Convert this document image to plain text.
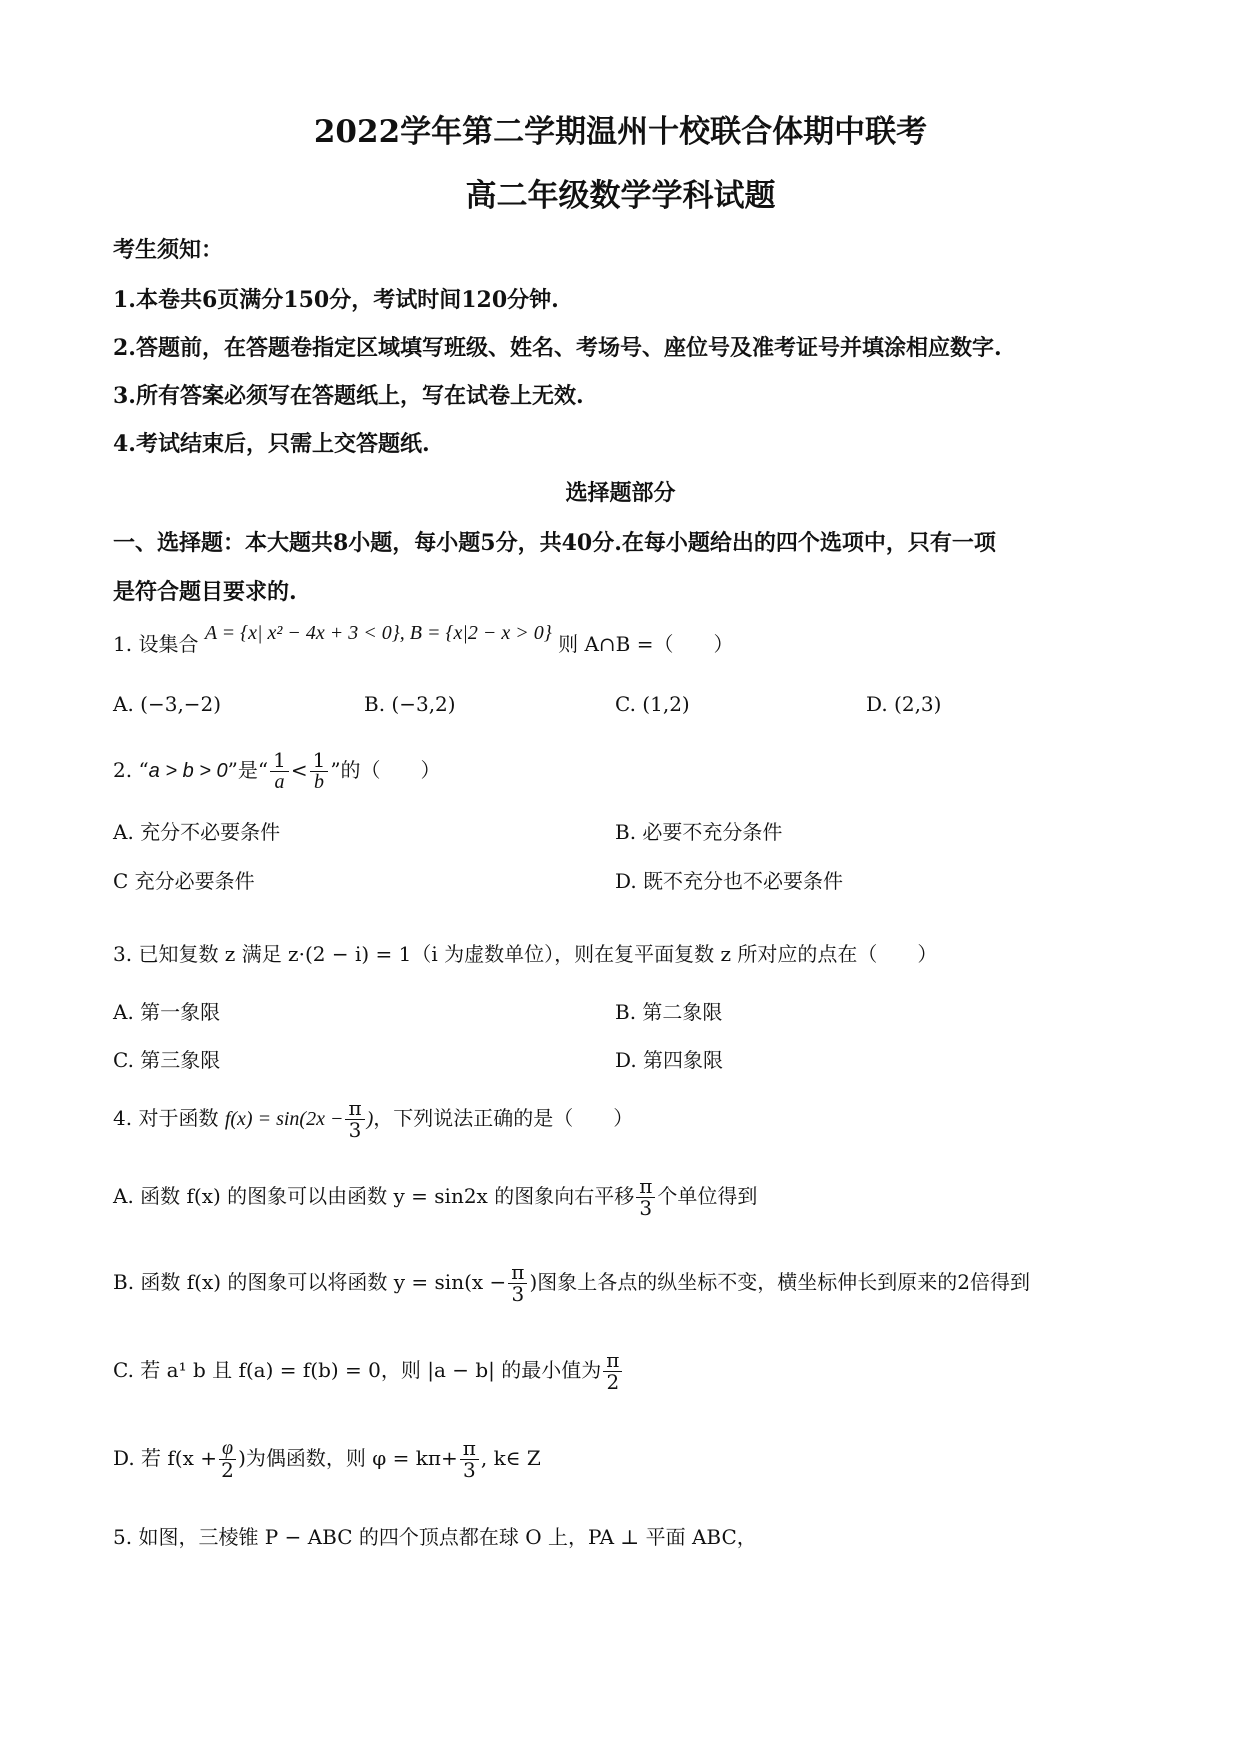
2022学年第二学期温州十校联合体期中联考
高二年级数学学科试题
考生须知：
1.本卷共6页满分150分，考试时间120分钟.
2.答题前，在答题卷指定区域填写班级、姓名、考场号、座位号及准考证号并填涂相应数字.
3.所有答案必须写在答题纸上，写在试卷上无效.
4.考试结束后，只需上交答题纸.
选择题部分
一、选择题：本大题共8小题，每小题5分，共40分.在每小题给出的四个选项中，只有一项
是符合题目要求的.
1. 设集合 A = {x| x² − 4x + 3 < 0}, B = {x|2 − x > 0} 则 A∩B =（　　）
A. (−3,−2)	B. (−3,2)	C. (1,2)	D. (2,3)
2. “a > b > 0”是“ $\frac{1}{a} < \frac{1}{b}$ ”的（　　）
A. 充分不必要条件	B. 必要不充分条件
C 充分必要条件	D. 既不充分也不必要条件
3. 已知复数 z 满足 z·(2 − i) = 1（i 为虚数单位），则在复平面复数 z 所对应的点在（　　）
A. 第一象限	B. 第二象限
C. 第三象限	D. 第四象限
4. 对于函数 $f(x) = \sin(2x - \frac{\pi}{3}$ )，下列说法正确的是（　　）
A. 函数 f(x) 的图象可以由函数 y = sin2x 的图象向右平移 $\frac{\pi}{3}$ 个单位得到
B. 函数 f(x) 的图象可以将函数 $y = \sin(x - \frac{\pi}{3}$ )图象上各点的纵坐标不变，横坐标伸长到原来的2倍得到
C. 若 a¹ b 且 f(a) = f(b) = 0，则 |a − b| 的最小值为 $\frac{\pi}{2}$
D. 若 $f(x + \frac{\varphi}{2}$ )为偶函数，则 $\varphi = k\pi+ \frac{\pi}{3}$ , k∈ Z
5. 如图，三棱锥 P − ABC 的四个顶点都在球 O 上，PA ⊥ 平面 ABC，
